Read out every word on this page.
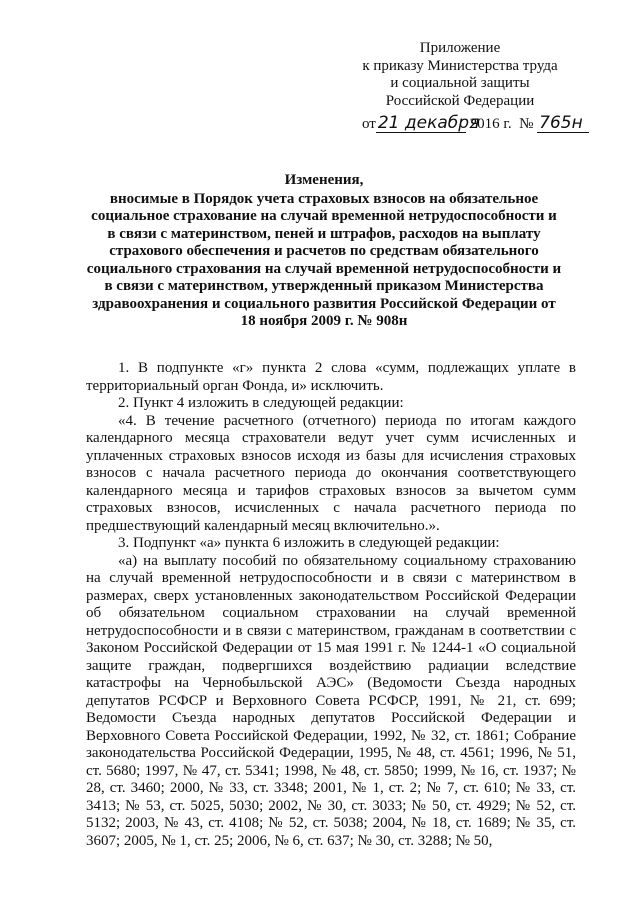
Приложение
к приказу Министерства труда
и социальной защиты
Российской Федерации
от 21 декабря 2016 г. № 765н
Изменения,
вносимые в Порядок учета страховых взносов на обязательное социальное страхование на случай временной нетрудоспособности и в связи с материнством, пеней и штрафов, расходов на выплату страхового обеспечения и расчетов по средствам обязательного социального страхования на случай временной нетрудоспособности и в связи с материнством, утвержденный приказом Министерства здравоохранения и социального развития Российской Федерации от 18 ноября 2009 г. № 908н

1. В подпункте «г» пункта 2 слова «сумм, подлежащих уплате в территориальный орган Фонда, и» исключить.

2. Пункт 4 изложить в следующей редакции:

«4. В течение расчетного (отчетного) периода по итогам каждого календарного месяца страхователи ведут учет сумм исчисленных и уплаченных страховых взносов исходя из базы для исчисления страховых взносов с начала расчетного периода до окончания соответствующего календарного месяца и тарифов страховых взносов за вычетом сумм страховых взносов, исчисленных с начала расчетного периода по предшествующий календарный месяц включительно.».

3. Подпункт «а» пункта 6 изложить в следующей редакции:

«а) на выплату пособий по обязательному социальному страхованию на случай временной нетрудоспособности и в связи с материнством в размерах, сверх установленных законодательством Российской Федерации об обязательном социальном страховании на случай временной нетрудоспособности и в связи с материнством, гражданам в соответствии с Законом Российской Федерации от 15 мая 1991 г. № 1244-1 «О социальной защите граждан, подвергшихся воздействию радиации вследствие катастрофы на Чернобыльской АЭС» (Ведомости Съезда народных депутатов РСФСР и Верховного Совета РСФСР, 1991, № 21, ст. 699; Ведомости Съезда народных депутатов Российской Федерации и Верховного Совета Российской Федерации, 1992, № 32, ст. 1861; Собрание законодательства Российской Федерации, 1995, № 48, ст. 4561; 1996, № 51, ст. 5680; 1997, № 47, ст. 5341; 1998, № 48, ст. 5850; 1999, № 16, ст. 1937; № 28, ст. 3460; 2000, № 33, ст. 3348; 2001, № 1, ст. 2; № 7, ст. 610; № 33, ст. 3413; № 53, ст. 5025, 5030; 2002, № 30, ст. 3033; № 50, ст. 4929; № 52, ст. 5132; 2003, № 43, ст. 4108; № 52, ст. 5038; 2004, № 18, ст. 1689; № 35, ст. 3607; 2005, № 1, ст. 25; 2006, № 6, ст. 637; № 30, ст. 3288; № 50,
